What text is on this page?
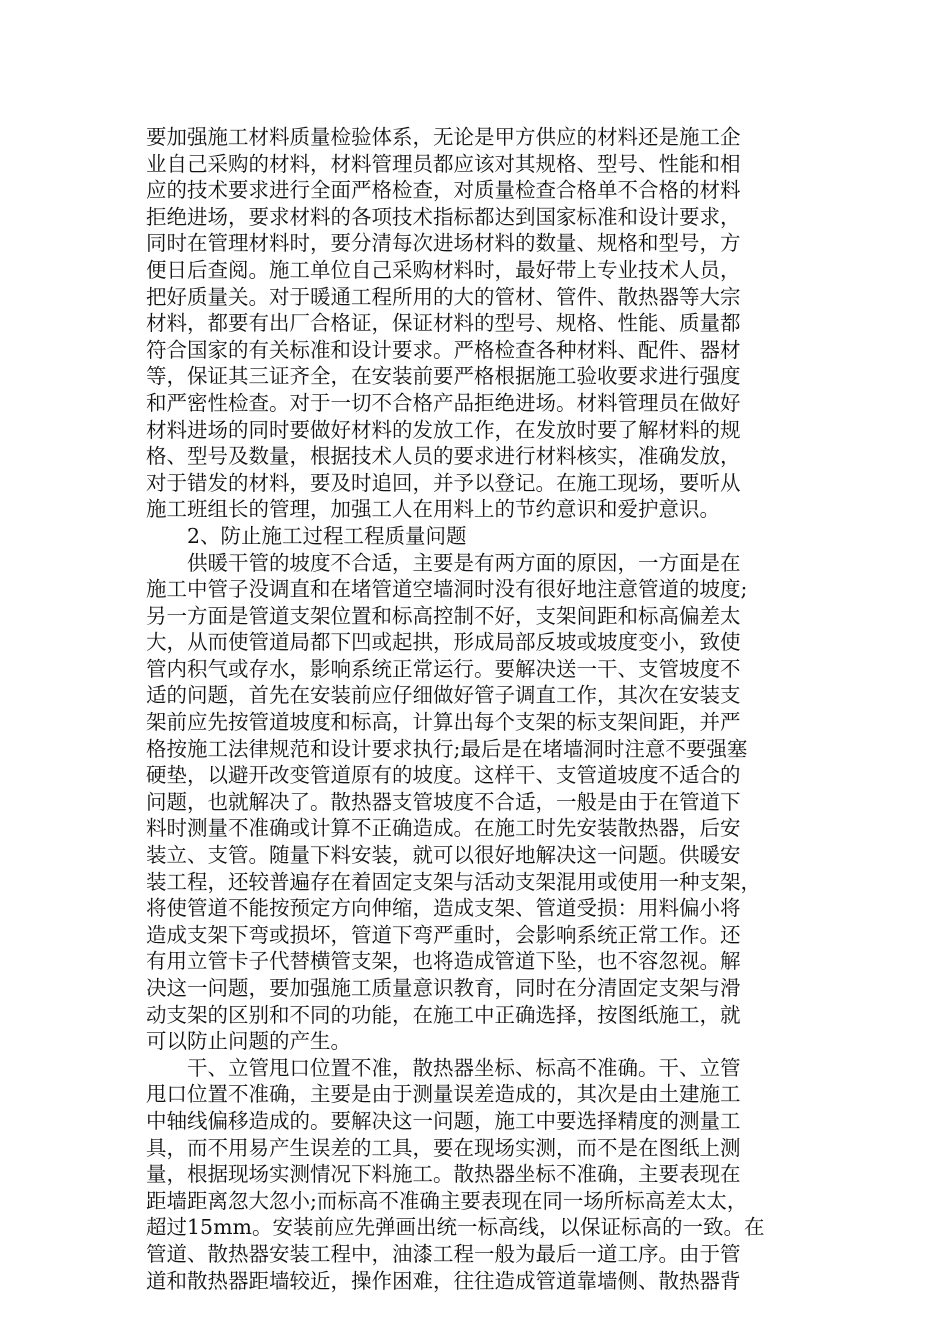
要加强施工材料质量检验体系，无论是甲方供应的材料还是施工企
业自己采购的材料，材料管理员都应该对其规格、型号、性能和相
应的技术要求进行全面严格检查，对质量检查合格单不合格的材料
拒绝进场，要求材料的各项技术指标都达到国家标准和设计要求，
同时在管理材料时，要分清每次进场材料的数量、规格和型号，方
便日后查阅。施工单位自己采购材料时，最好带上专业技术人员，
把好质量关。对于暖通工程所用的大的管材、管件、散热器等大宗
材料，都要有出厂合格证，保证材料的型号、规格、性能、质量都
符合国家的有关标准和设计要求。严格检查各种材料、配件、器材
等，保证其三证齐全，在安装前要严格根据施工验收要求进行强度
和严密性检查。对于一切不合格产品拒绝进场。材料管理员在做好
材料进场的同时要做好材料的发放工作，在发放时要了解材料的规
格、型号及数量，根据技术人员的要求进行材料核实，准确发放，
对于错发的材料，要及时追回，并予以登记。在施工现场，要听从
施工班组长的管理，加强工人在用料上的节约意识和爱护意识。
2、防止施工过程工程质量问题
供暖干管的坡度不合适，主要是有两方面的原因，一方面是在
施工中管子没调直和在堵管道空墙洞时没有很好地注意管道的坡度;
另一方面是管道支架位置和标高控制不好，支架间距和标高偏差太
大，从而使管道局都下凹或起拱，形成局部反坡或坡度变小，致使
管内积气或存水，影响系统正常运行。要解决送一干、支管坡度不
适的问题，首先在安装前应仔细做好管子调直工作，其次在安装支
架前应先按管道坡度和标高，计算出每个支架的标支架间距，并严
格按施工法律规范和设计要求执行;最后是在堵墙洞时注意不要强塞
硬垫，以避开改变管道原有的坡度。这样干、支管道坡度不适合的
问题，也就解决了。散热器支管坡度不合适，一般是由于在管道下
料时测量不准确或计算不正确造成。在施工时先安装散热器，后安
装立、支管。随量下料安装，就可以很好地解决这一问题。供暖安
装工程，还较普遍存在着固定支架与活动支架混用或使用一种支架，
将使管道不能按预定方向伸缩，造成支架、管道受损：用料偏小将
造成支架下弯或损坏，管道下弯严重时，会影响系统正常工作。还
有用立管卡子代替横管支架，也将造成管道下坠，也不容忽视。解
决这一问题，要加强施工质量意识教育，同时在分清固定支架与滑
动支架的区别和不同的功能，在施工中正确选择，按图纸施工，就
可以防止问题的产生。
干、立管甩口位置不准，散热器坐标、标高不准确。干、立管
甩口位置不准确，主要是由于测量误差造成的，其次是由土建施工
中轴线偏移造成的。要解决这一问题，施工中要选择精度的测量工
具，而不用易产生误差的工具，要在现场实测，而不是在图纸上测
量，根据现场实测情况下料施工。散热器坐标不准确，主要表现在
距墙距离忽大忽小;而标高不准确主要表现在同一场所标高差太太，
超过15mm。安装前应先弹画出统一标高线，以保证标高的一致。在
管道、散热器安装工程中，油漆工程一般为最后一道工序。由于管
道和散热器距墙较近，操作困难，往往造成管道靠墙侧、散热器背
